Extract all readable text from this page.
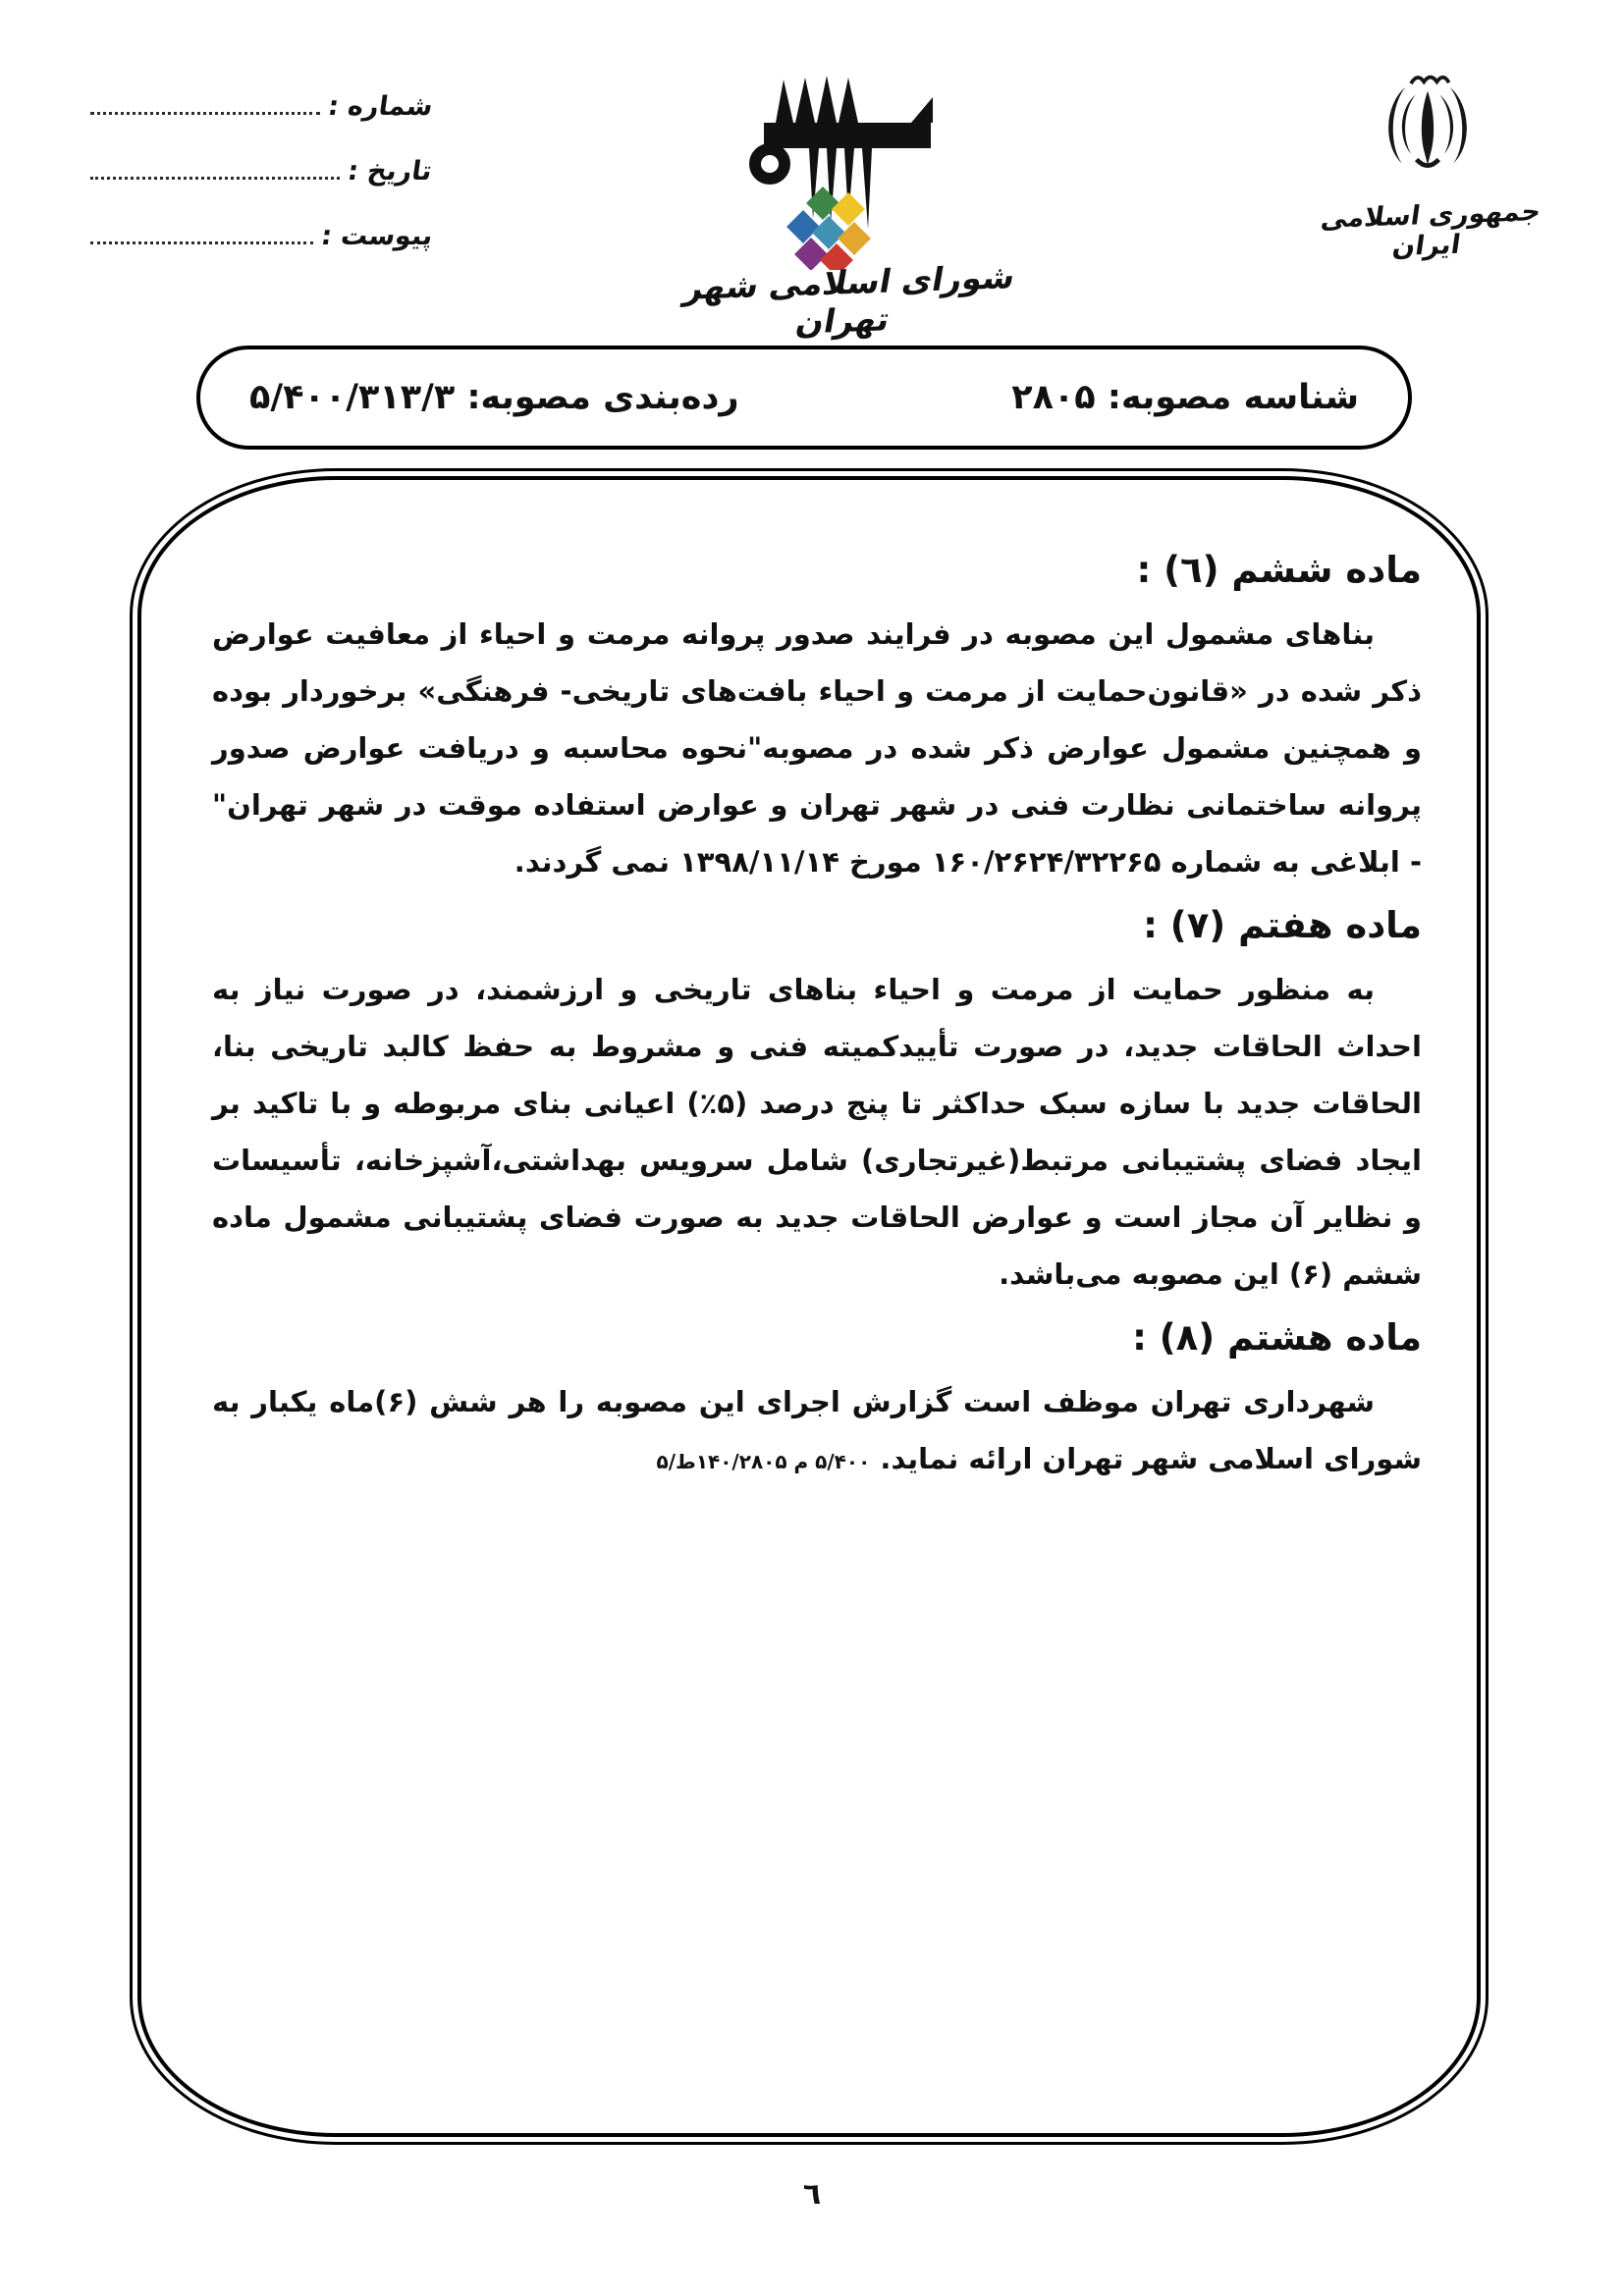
شماره :
تاریخ :
پیوست :
شورای اسلامی شهر تهران
جمهوری اسلامی ایران
شناسه مصوبه: ۲۸۰۵
رده‌بندی مصوبه: ۵/۴۰۰/۳۱۳/۳
ماده ششم (٦) :

بناهای مشمول این مصوبه در فرایند صدور پروانه مرمت و احیاء از معافیت عوارض ذکر شده در «قانون‌حمایت از مرمت و احیاء بافت‌های تاریخی- فرهنگی» برخوردار بوده و همچنین مشمول عوارض ذکر شده در مصوبه"نحوه محاسبه و دریافت عوارض صدور پروانه ساختمانی نظارت فنی در شهر تهران و عوارض استفاده موقت در شهر تهران" - ابلاغی به شماره ۱۶۰/۲۶۲۴/۳۲۲۶۵ مورخ ۱۳۹۸/۱۱/۱۴ نمی گردند.

ماده هفتم (۷) :

به منظور حمایت از مرمت و احیاء بناهای تاریخی و ارزشمند، در صورت نیاز به احداث الحاقات جدید، در صورت تأییدکمیته فنی و مشروط به حفظ کالبد تاریخی بنا، الحاقات جدید با سازه سبک حداکثر تا پنج درصد (۵٪) اعیانی بنای مربوطه و با تاکید بر ایجاد فضای پشتیبانی مرتبط(غیرتجاری) شامل سرویس بهداشتی،آشپزخانه، تأسیسات و نظایر آن مجاز است و عوارض الحاقات جدید به صورت فضای پشتیبانی مشمول ماده ششم (۶) این مصوبه می‌باشد.

ماده هشتم (۸) :

شهرداری تهران موظف است گزارش اجرای این مصوبه را هر شش (۶)ماه یکبار به شورای اسلامی شهر تهران ارائه نماید. ۵/۴۰۰ م ۱۴۰/۲۸۰۵ط/۵

٦
